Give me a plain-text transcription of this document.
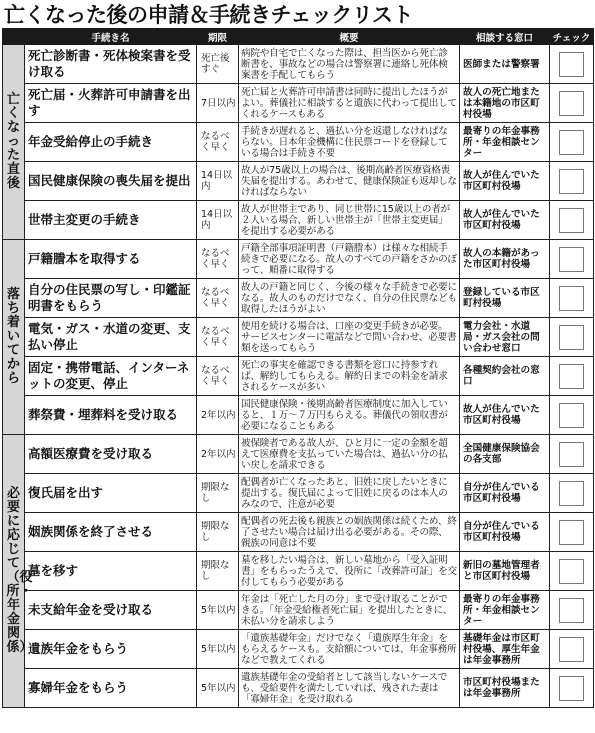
亡くなった後の申請＆手続きチェックリスト
	手続き名	期限	概要	相談する窓口	チェック
亡くなった直後	死亡診断書・死体検案書を受け取る	死亡後すぐ	病院や自宅で亡くなった際は、担当医から死亡診断書を、事故などの場合は警察署に連絡し死体検案書を手配してもらう	医師または警察署	
	死亡届・火葬許可申請書を出す	7日以内	死亡届と火葬許可申請書は同時に提出したほうがよい。葬儀社に相談すると遺族に代わって提出してくれるケースもある	故人の死亡地または本籍地の市区町村役場	
	年金受給停止の手続き	なるべく早く	手続きが遅れると、過払い分を返還しなければならない。日本年金機構に住民票コードを登録している場合は手続き不要	最寄りの年金事務所・年金相談センター	
	国民健康保険の喪失届を提出	14日以内	故人が75歳以上の場合は、後期高齢者医療資格喪失届を提出する。あわせて、健康保険証も返却しなければならない	故人が住んでいた市区町村役場	
	世帯主変更の手続き	14日以内	故人が世帯主であり、同じ世帯に15歳以上の者が２人いる場合、新しい世帯主が「世帯主変更届」を提出する必要がある	故人が住んでいた市区町村役場	
落ち着いてから	戸籍謄本を取得する	なるべく早く	戸籍全部事項証明書（戸籍謄本）は様々な相続手続きで必要になる。故人のすべての戸籍をさかのぼって、順番に取得する	故人の本籍があった市区町村役場	
	自分の住民票の写し・印鑑証明書をもらう	なるべく早く	故人の戸籍と同じく、今後の様々な手続きで必要になる。故人のものだけでなく、自分の住民票なども取得したほうがよい	登録している市区町村役場	
	電気・ガス・水道の変更、支払い停止	なるべく早く	使用を続ける場合は、口座の変更手続きが必要。サービスセンターに電話などで問い合わせ、必要書類を送ってもらう	電力会社・水道局・ガス会社の問い合わせ窓口	
	固定・携帯電話、インターネットの変更、停止	なるべく早く	死亡の事実を確認できる書類を窓口に持参すれば、解約してもらえる。解約日までの料金を請求されるケースが多い	各種契約会社の窓口	
	葬祭費・埋葬料を受け取る	2年以内	国民健康保険・後期高齢者医療制度に加入していると、１万〜７万円もらえる。葬儀代の領収書が必要になることもある	故人が住んでいた市区町村役場	
必要に応じて（役所・年金関係）	高額医療費を受け取る	2年以内	被保険者である故人が、ひと月に一定の金額を超えて医療費を支払っていた場合は、過払い分の払い戻しを請求できる	全国健康保険協会の各支部	
	復氏届を出す	期限なし	配偶者が亡くなったあと、旧姓に戻したいときに提出する。復氏届によって旧姓に戻るのは本人のみなので、注意が必要	自分が住んでいる市区町村役場	
	姻族関係を終了させる	期限なし	配偶者の死去後も親族との姻族関係は続くため、終了させたい場合は届け出る必要がある。その際、親族の同意は不要	自分が住んでいる市区町村役場	
	墓を移す	期限なし	墓を移したい場合は、新しい墓地から「受入証明書」をもらったうえで、役所に「改葬許可証」を交付してもらう必要がある	新旧の墓地管理者と市区町村役場	
	未支給年金を受け取る	5年以内	年金は「死亡した月の分」まで受け取ることができる。「年金受給権者死亡届」を提出したときに、未払い分を請求しよう	最寄りの年金事務所・年金相談センター	
	遺族年金をもらう	5年以内	「遺族基礎年金」だけでなく「遺族厚生年金」をもらえるケースも。支給額については、年金事務所などで教えてくれる	基礎年金は市区町村役場、厚生年金は年金事務所	
	寡婦年金をもらう	5年以内	遺族基礎年金の受給者として該当しないケースでも、受給要件を満たしていれば、残された妻は「寡婦年金」を受け取れる	市区町村役場または年金事務所	
